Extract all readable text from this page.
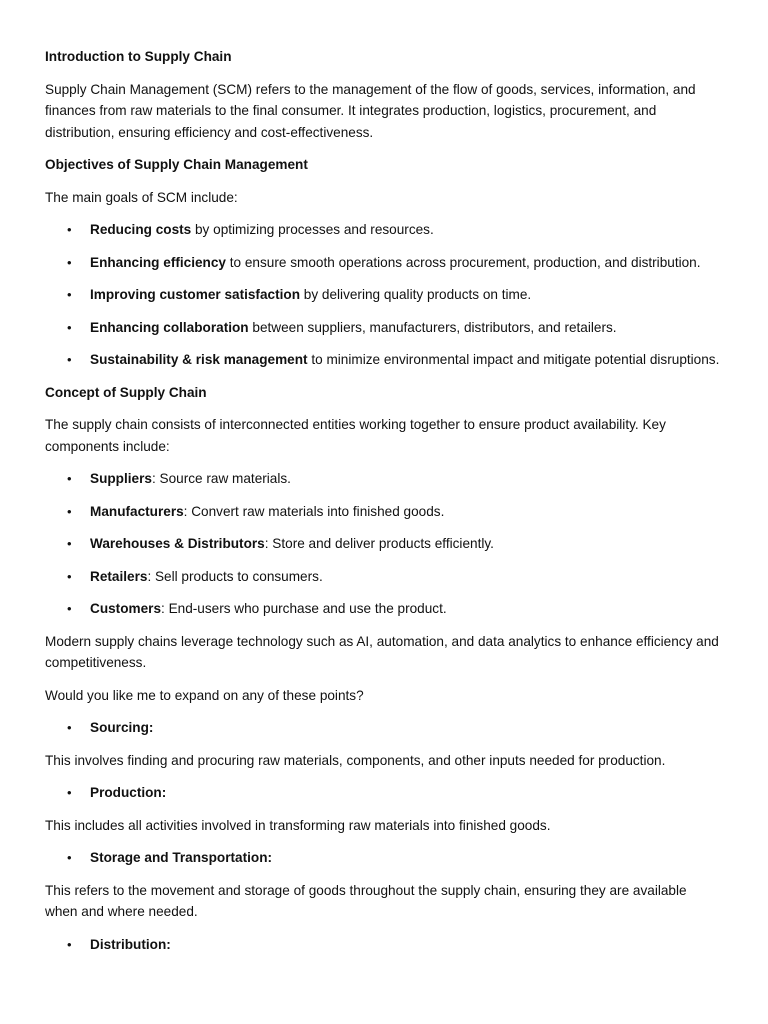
Introduction to Supply Chain

Supply Chain Management (SCM) refers to the management of the flow of goods, services, information, and finances from raw materials to the final consumer. It integrates production, logistics, procurement, and distribution, ensuring efficiency and cost-effectiveness.

Objectives of Supply Chain Management

The main goals of SCM include:

• Reducing costs by optimizing processes and resources.
• Enhancing efficiency to ensure smooth operations across procurement, production, and distribution.
• Improving customer satisfaction by delivering quality products on time.
• Enhancing collaboration between suppliers, manufacturers, distributors, and retailers.
• Sustainability & risk management to minimize environmental impact and mitigate potential disruptions.

Concept of Supply Chain

The supply chain consists of interconnected entities working together to ensure product availability. Key components include:

• Suppliers: Source raw materials.
• Manufacturers: Convert raw materials into finished goods.
• Warehouses & Distributors: Store and deliver products efficiently.
• Retailers: Sell products to consumers.
• Customers: End-users who purchase and use the product.

Modern supply chains leverage technology such as AI, automation, and data analytics to enhance efficiency and competitiveness.

Would you like me to expand on any of these points?

• Sourcing:

This involves finding and procuring raw materials, components, and other inputs needed for production.

• Production:

This includes all activities involved in transforming raw materials into finished goods.

• Storage and Transportation:

This refers to the movement and storage of goods throughout the supply chain, ensuring they are available when and where needed.

• Distribution:
